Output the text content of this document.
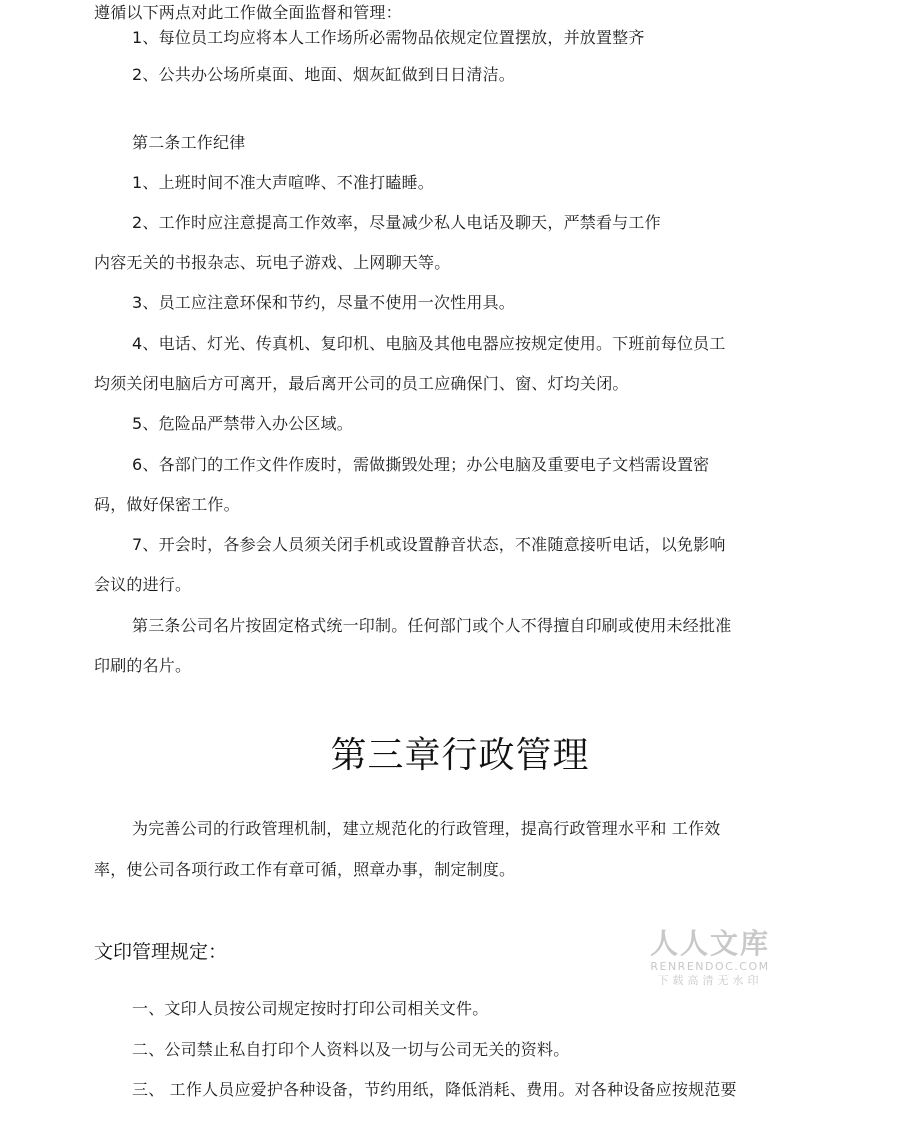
遵循以下两点对此工作做全面监督和管理：
1、每位员工均应将本人工作场所必需物品依规定位置摆放，并放置整齐
2、公共办公场所桌面、地面、烟灰缸做到日日清洁。
第二条工作纪律
1、上班时间不准大声喧哗、不准打瞌睡。
2、工作时应注意提高工作效率，尽量减少私人电话及聊天，严禁看与工作
内容无关的书报杂志、玩电子游戏、上网聊天等。
3、员工应注意环保和节约，尽量不使用一次性用具。
4、电话、灯光、传真机、复印机、电脑及其他电器应按规定使用。下班前每位员工
均须关闭电脑后方可离开，最后离开公司的员工应确保门、窗、灯均关闭。
5、危险品严禁带入办公区域。
6、各部门的工作文件作废时，需做撕毁处理；办公电脑及重要电子文档需设置密
码，做好保密工作。
7、开会时，各参会人员须关闭手机或设置静音状态，不准随意接听电话，以免影响
会议的进行。
第三条公司名片按固定格式统一印制。任何部门或个人不得擅自印刷或使用未经批准
印刷的名片。
第三章行政管理
为完善公司的行政管理机制，建立规范化的行政管理，提高行政管理水平和 工作效
率，使公司各项行政工作有章可循，照章办事，制定制度。
文印管理规定：	人人文库
RENRENDOC.COM
下载高清无水印
一、文印人员按公司规定按时打印公司相关文件。
二、公司禁止私自打印个人资料以及一切与公司无关的资料。
三、 工作人员应爱护各种设备，节约用纸，降低消耗、费用。对各种设备应按规范要
